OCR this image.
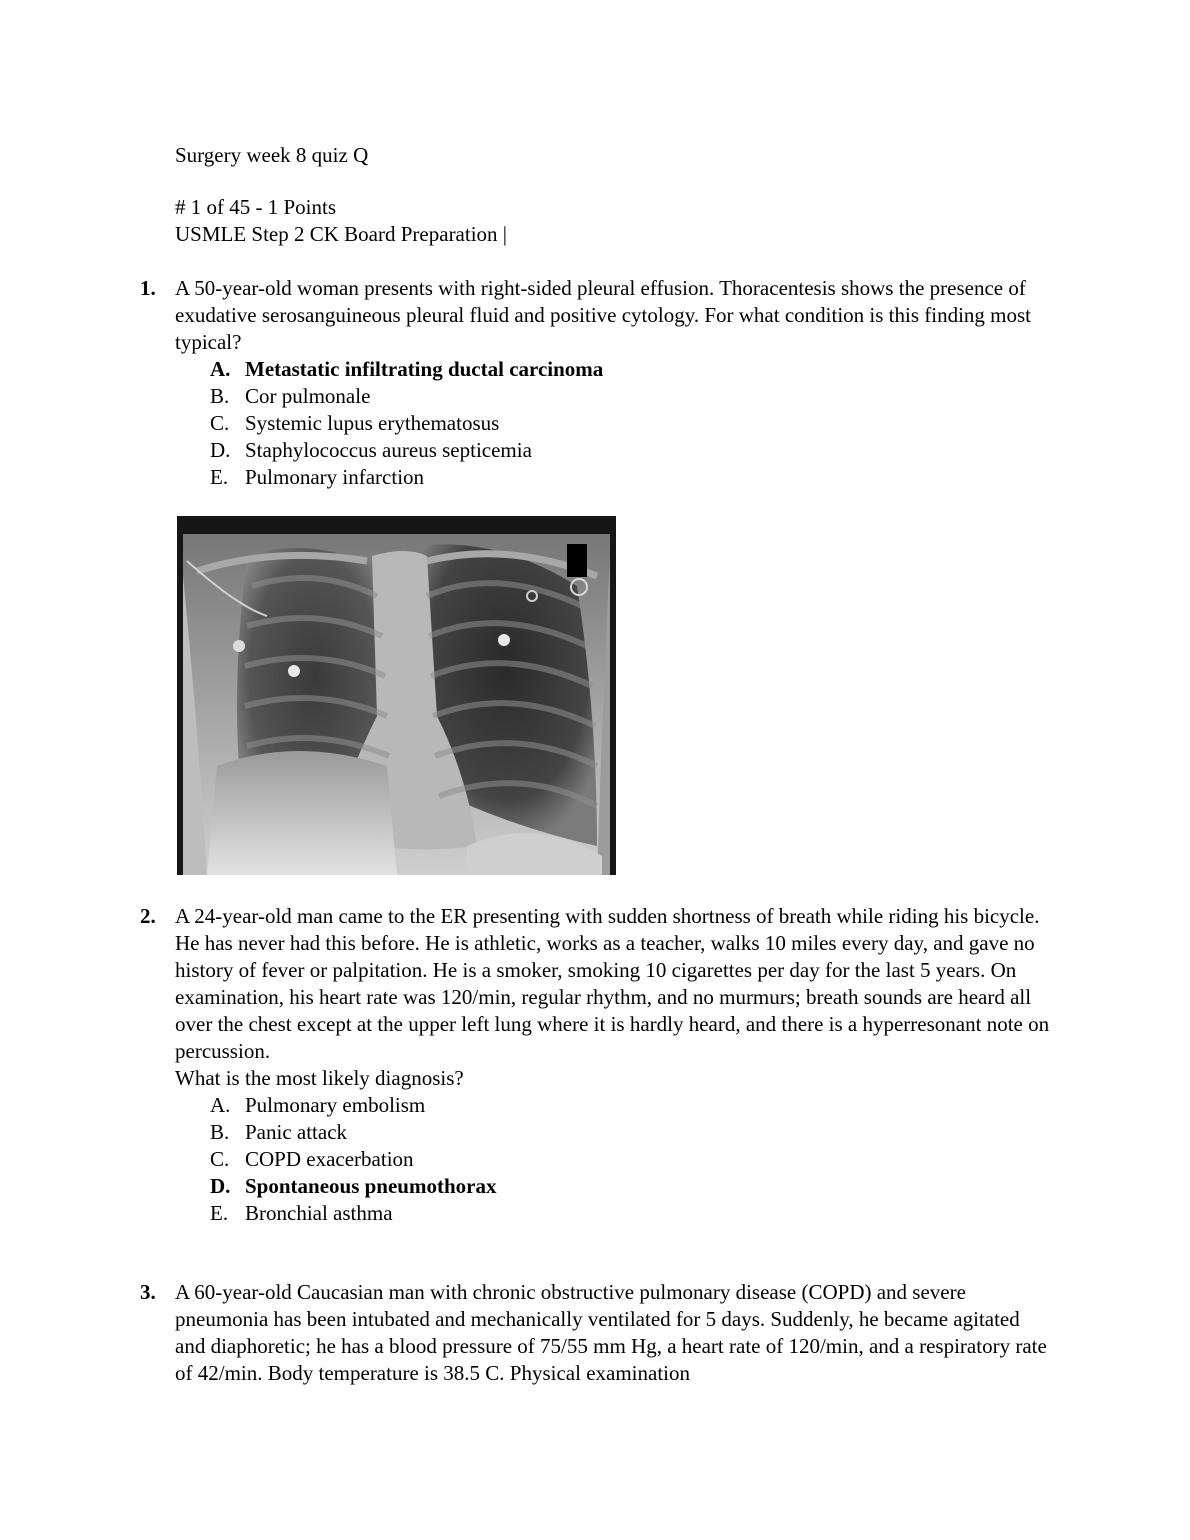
Surgery week 8 quiz Q
# 1 of 45 - 1 Points
USMLE Step 2 CK Board Preparation |
1. A 50-year-old woman presents with right-sided pleural effusion. Thoracentesis shows the presence of exudative serosanguineous pleural fluid and positive cytology. For what condition is this finding most typical?
A. Metastatic infiltrating ductal carcinoma
B. Cor pulmonale
C. Systemic lupus erythematosus
D. Staphylococcus aureus septicemia
E. Pulmonary infarction
2. A 24-year-old man came to the ER presenting with sudden shortness of breath while riding his bicycle. He has never had this before. He is athletic, works as a teacher, walks 10 miles every day, and gave no history of fever or palpitation. He is a smoker, smoking 10 cigarettes per day for the last 5 years. On examination, his heart rate was 120/min, regular rhythm, and no murmurs; breath sounds are heard all over the chest except at the upper left lung where it is hardly heard, and there is a hyperresonant note on percussion.
What is the most likely diagnosis?
A. Pulmonary embolism
B. Panic attack
C. COPD exacerbation
D. Spontaneous pneumothorax
E. Bronchial asthma
3. A 60-year-old Caucasian man with chronic obstructive pulmonary disease (COPD) and severe pneumonia has been intubated and mechanically ventilated for 5 days. Suddenly, he became agitated and diaphoretic; he has a blood pressure of 75/55 mm Hg, a heart rate of 120/min, and a respiratory rate of 42/min. Body temperature is 38.5 C. Physical examination
